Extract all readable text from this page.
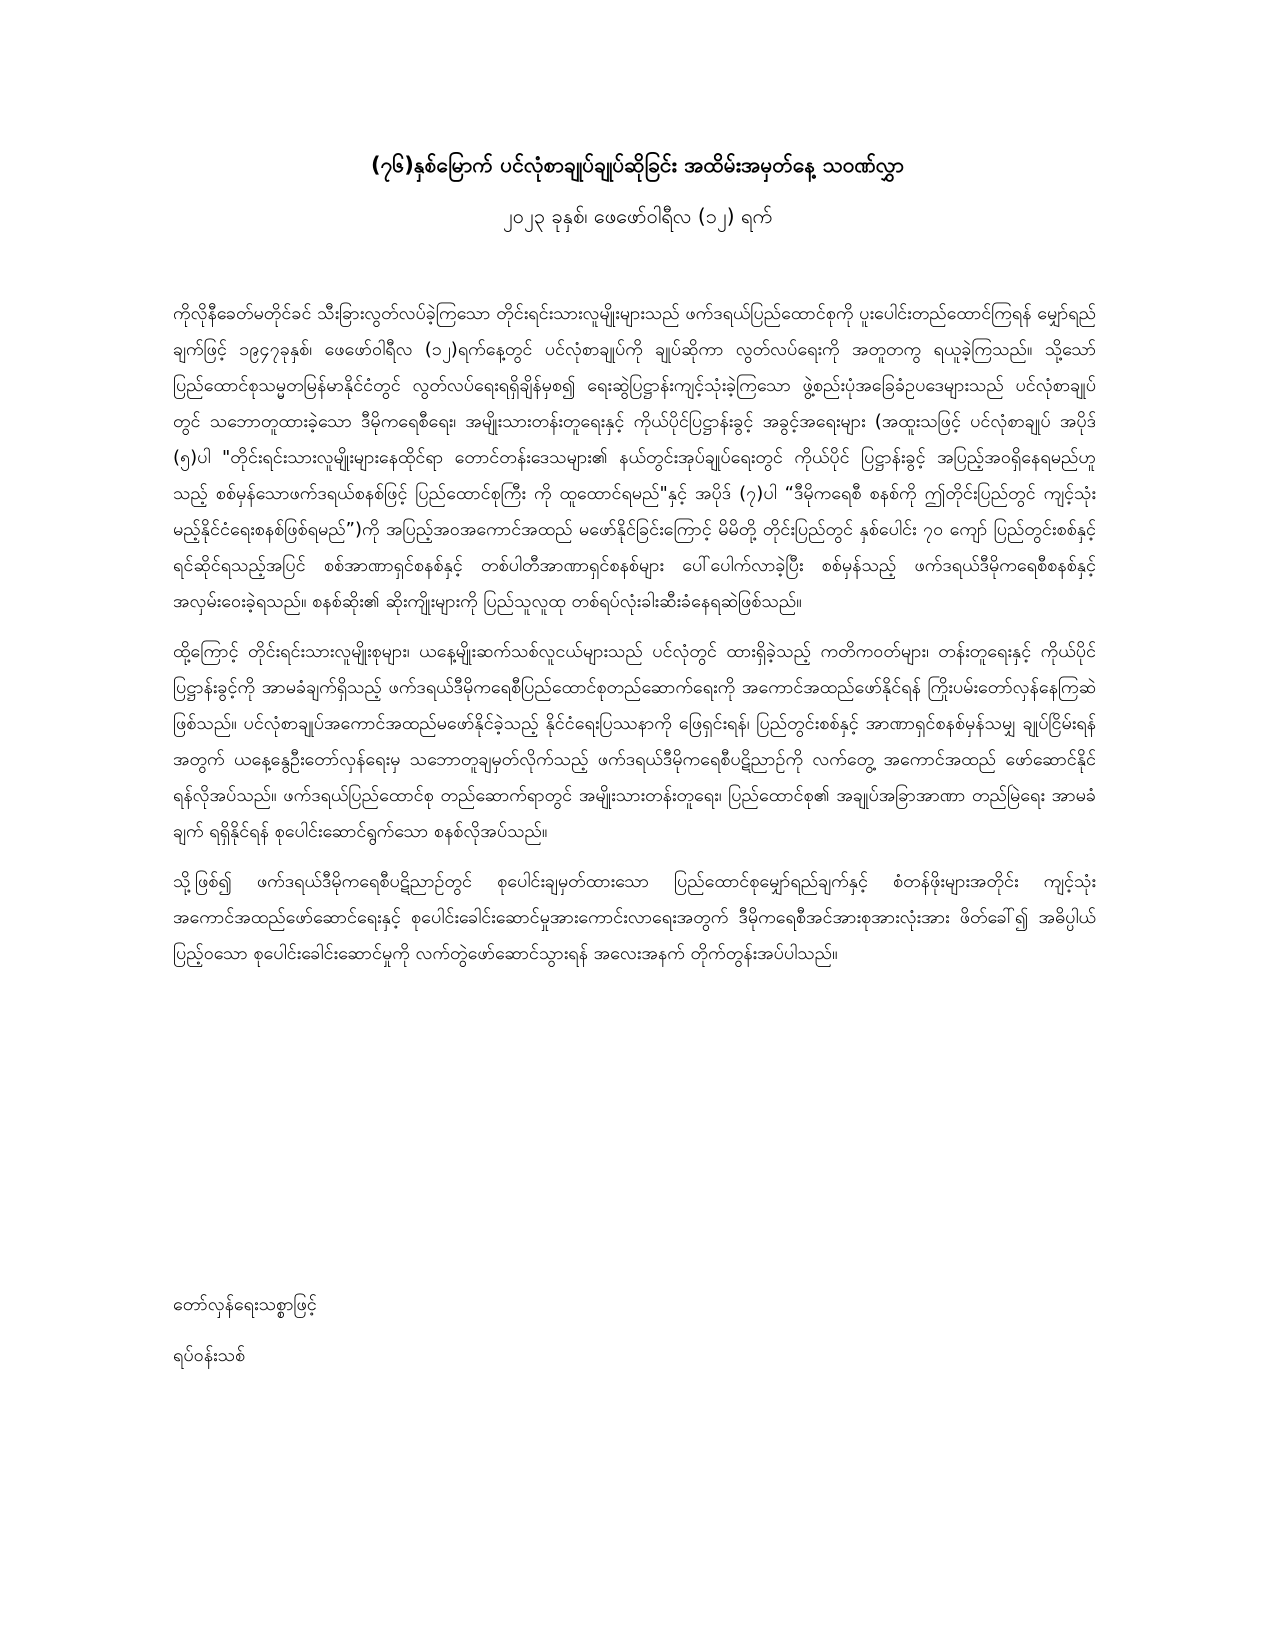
(၇၆)နှစ်မြောက် ပင်လုံစာချုပ်ချုပ်ဆိုခြင်း အထိမ်းအမှတ်နေ့ သဝဏ်လွှာ
၂၀၂၃ ခုနှစ်၊ ဖေဖော်ဝါရီလ (၁၂) ရက်

ကိုလိုနီခေတ်မတိုင်ခင် သီးခြားလွတ်လပ်ခဲ့ကြသော တိုင်းရင်းသားလူမျိုးများသည် ဖက်ဒရယ်ပြည်ထောင်စုကို ပူးပေါင်းတည်ထောင်ကြရန် မျှော်ရည်ချက်ဖြင့် ၁၉၄၇ခုနှစ်၊ ဖေဖော်ဝါရီလ (၁၂)ရက်နေ့တွင် ပင်လုံစာချုပ်ကို ချုပ်ဆိုကာ လွတ်လပ်ရေးကို အတူတကွ ရယူခဲ့ကြသည်။ သို့သော် ပြည်ထောင်စုသမ္မတမြန်မာနိုင်ငံတွင် လွတ်လပ်ရေးရရှိချိန်မှစ၍ ရေးဆွဲပြဋ္ဌာန်းကျင့်သုံးခဲ့ကြသော ဖွဲ့စည်းပုံအခြေခံဥပဒေများသည် ပင်လုံစာချုပ်တွင် သဘောတူထားခဲ့သော ဒီမိုကရေစီရေး၊ အမျိုးသားတန်းတူရေးနှင့် ကိုယ်ပိုင်ပြဋ္ဌာန်းခွင့် အခွင့်အရေးများ (အထူးသဖြင့် ပင်လုံစာချုပ် အပိုဒ် (၅)ပါ "တိုင်းရင်းသားလူမျိုးများနေထိုင်ရာ တောင်တန်းဒေသများ၏ နယ်တွင်းအုပ်ချုပ်ရေးတွင် ကိုယ်ပိုင် ပြဋ္ဌာန်းခွင့် အပြည့်အဝရှိနေရမည်ဟူသည့် စစ်မှန်သောဖက်ဒရယ်စနစ်ဖြင့် ပြည်ထောင်စုကြီး ကို ထူထောင်ရမည်"နှင့် အပိုဒ် (၇)ပါ “ဒီမိုကရေစီ စနစ်ကို ဤတိုင်းပြည်တွင် ကျင့်သုံးမည့်နိုင်ငံရေးစနစ်ဖြစ်ရမည်”)ကို အပြည့်အဝအကောင်အထည် မဖော်နိုင်ခြင်းကြောင့် မိမိတို့ တိုင်းပြည်တွင် နှစ်ပေါင်း ၇၀ ကျော် ပြည်တွင်းစစ်နှင့် ရင်ဆိုင်ရသည့်အပြင် စစ်အာဏာရှင်စနစ်နှင့် တစ်ပါတီအာဏာရှင်စနစ်များ ပေါ်ပေါက်လာခဲ့ပြီး စစ်မှန်သည့် ဖက်ဒရယ်ဒီမိုကရေစီစနစ်နှင့် အလှမ်းဝေးခဲ့ရသည်။ စနစ်ဆိုး၏ ဆိုးကျိုးများကို ပြည်သူလူထု တစ်ရပ်လုံးခါးဆီးခံနေရဆဲဖြစ်သည်။

ထို့ကြောင့် တိုင်းရင်းသားလူမျိုးစုများ၊ ယနေ့မျိုးဆက်သစ်လူငယ်များသည် ပင်လုံတွင် ထားရှိခဲ့သည့် ကတိကဝတ်များ၊ တန်းတူရေးနှင့် ကိုယ်ပိုင်ပြဋ္ဌာန်းခွင့်ကို အာမခံချက်ရှိသည့် ဖက်ဒရယ်ဒီမိုကရေစီပြည်ထောင်စုတည်ဆောက်ရေးကို အကောင်အထည်ဖော်နိုင်ရန် ကြိုးပမ်းတော်လှန်နေကြဆဲဖြစ်သည်။ ပင်လုံစာချုပ်အကောင်အထည်မဖော်နိုင်ခဲ့သည့် နိုင်ငံရေးပြဿနာကို ဖြေရှင်းရန်၊ ပြည်တွင်းစစ်နှင့် အာဏာရှင်စနစ်မှန်သမျှ ချုပ်ငြိမ်းရန်အတွက် ယနေ့နွေဦးတော်လှန်ရေးမှ သဘောတူချမှတ်လိုက်သည့် ဖက်ဒရယ်ဒီမိုကရေစီပဋိညာဉ်ကို လက်တွေ့ အကောင်အထည် ဖော်ဆောင်နိုင်ရန်လိုအပ်သည်။ ဖက်ဒရယ်ပြည်ထောင်စု တည်ဆောက်ရာတွင် အမျိုးသားတန်းတူရေး၊ ပြည်ထောင်စု၏ အချုပ်အခြာအာဏာ တည်မြဲရေး အာမခံချက် ရရှိနိုင်ရန် စုပေါင်းဆောင်ရွက်သော စနစ်လိုအပ်သည်။

သို့ဖြစ်၍ ဖက်ဒရယ်ဒီမိုကရေစီပဋိညာဉ်တွင် စုပေါင်းချမှတ်ထားသော ပြည်ထောင်စုမျှော်ရည်ချက်နှင့် စံတန်ဖိုးများအတိုင်း ကျင့်သုံးအကောင်အထည်ဖော်ဆောင်ရေးနှင့် စုပေါင်းခေါင်းဆောင်မှုအားကောင်းလာရေးအတွက် ဒီမိုကရေစီအင်အားစုအားလုံးအား ဖိတ်ခေါ်၍ အဓိပ္ပါယ်ပြည့်ဝသော စုပေါင်းခေါင်းဆောင်မှုကို လက်တွဲဖော်ဆောင်သွားရန် အလေးအနက် တိုက်တွန်းအပ်ပါသည်။

တော်လှန်ရေးသစ္စာဖြင့်
ရပ်ဝန်းသစ်
